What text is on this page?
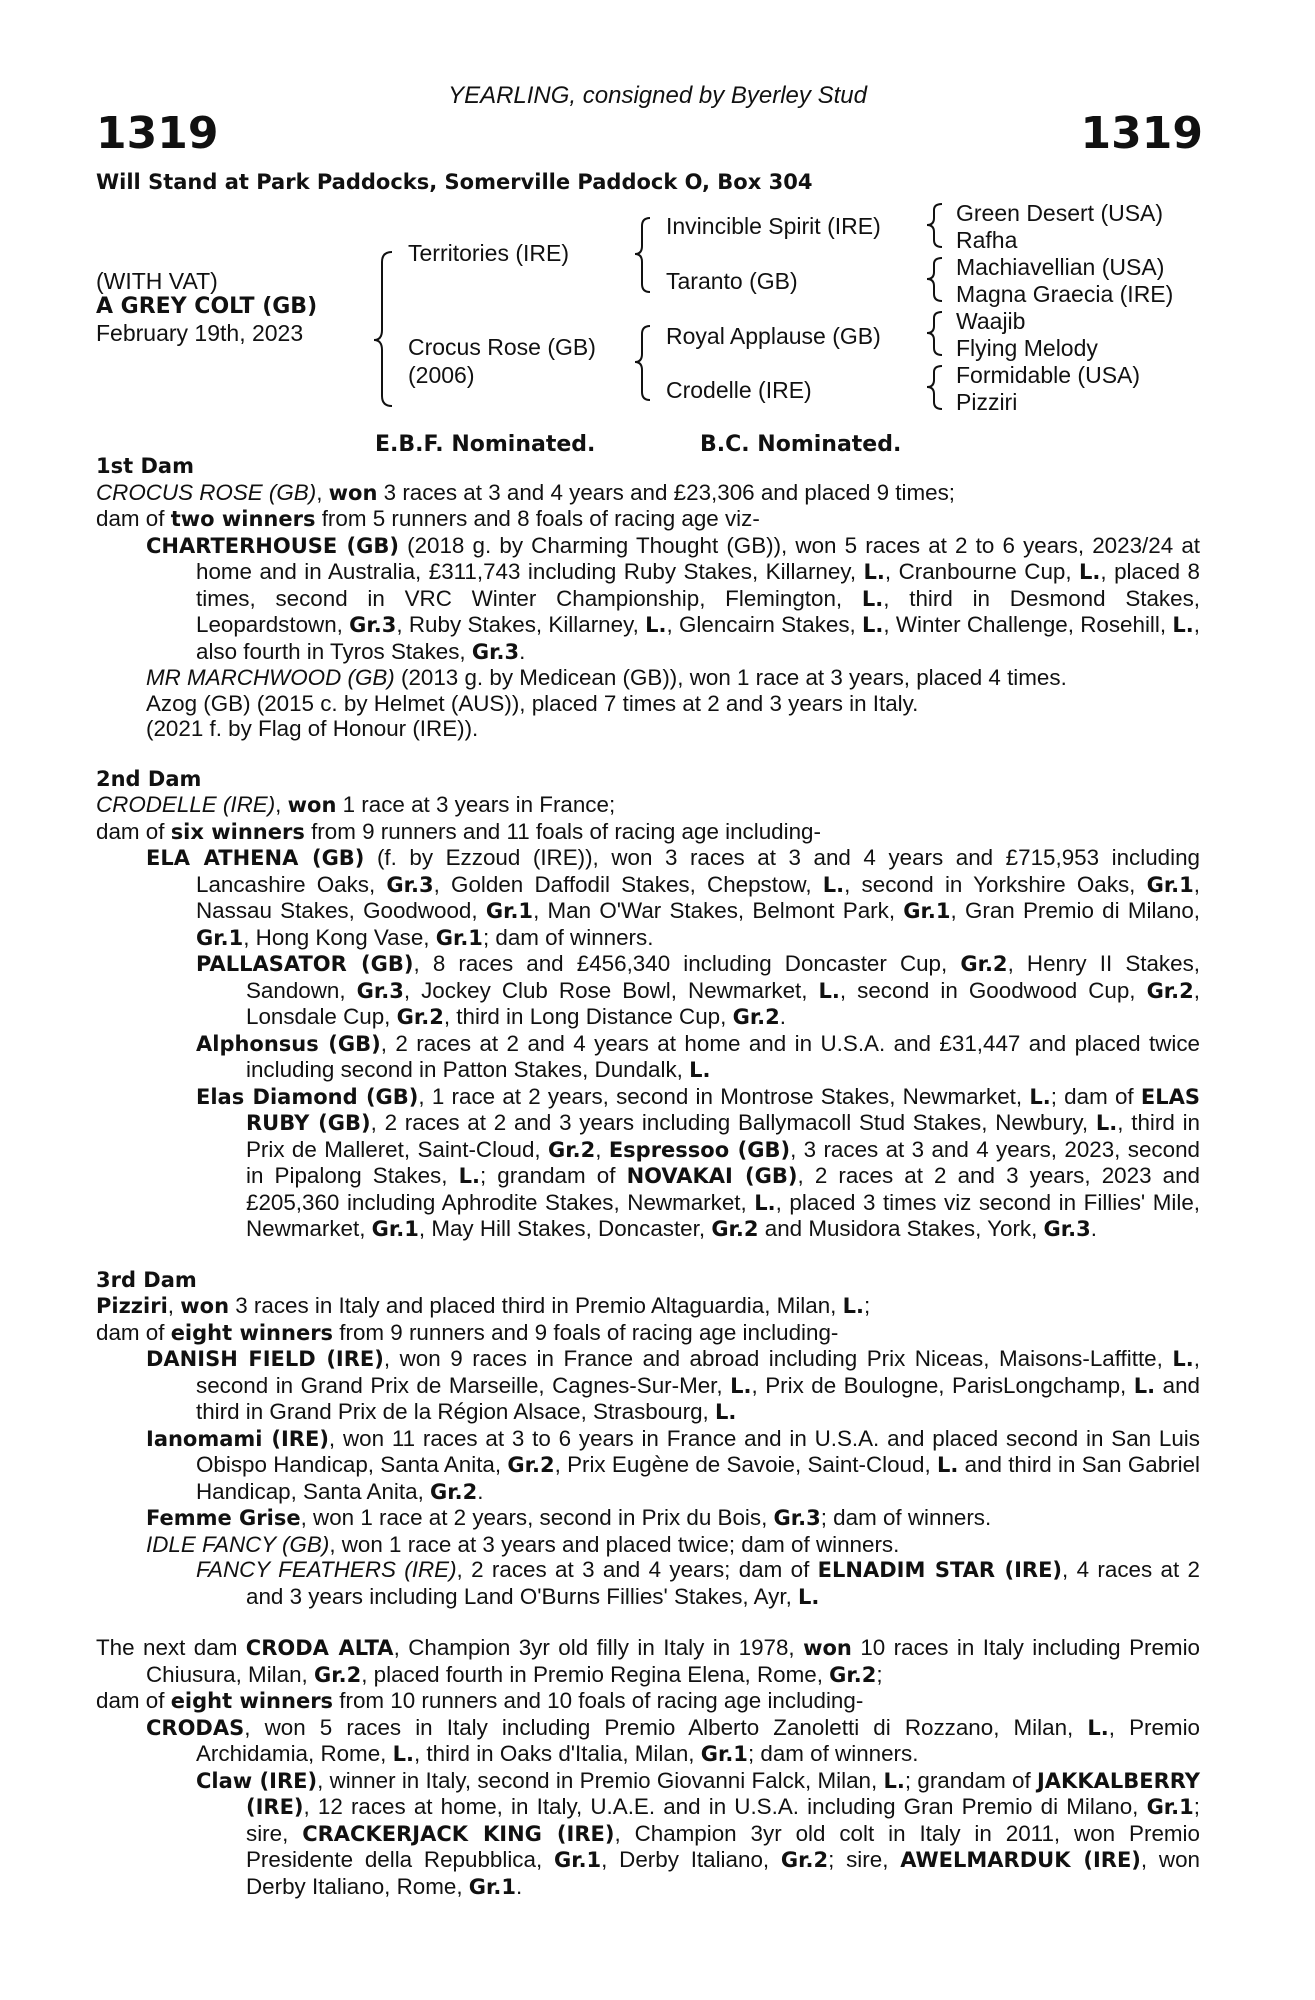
YEARLING, consigned by Byerley Stud
1319	1319
Will Stand at Park Paddocks, Somerville Paddock O, Box 304
(WITH VAT)
A GREY COLT (GB)
February 19th, 2023
Territories (IRE)
Crocus Rose (GB)
(2006)
Invincible Spirit (IRE)
Taranto (GB)
Royal Applause (GB)
Crodelle (IRE)
Green Desert (USA)
Rafha
Machiavellian (USA)
Magna Graecia (IRE)
Waajib
Flying Melody
Formidable (USA)
Pizziri
E.B.F. Nominated.	B.C. Nominated.

1st Dam

CROCUS ROSE (GB), won 3 races at 3 and 4 years and £23,306 and placed 9 times;

dam of two winners from 5 runners and 8 foals of racing age viz-

CHARTERHOUSE (GB) (2018 g. by Charming Thought (GB)), won 5 races at 2 to 6 years, 2023/24 at home and in Australia, £311,743 including Ruby Stakes, Killarney, L., Cranbourne Cup, L., placed 8 times, second in VRC Winter Championship, Flemington, L., third in Desmond Stakes, Leopardstown, Gr.3, Ruby Stakes, Killarney, L., Glencairn Stakes, L., Winter Challenge, Rosehill, L., also fourth in Tyros Stakes, Gr.3.

MR MARCHWOOD (GB) (2013 g. by Medicean (GB)), won 1 race at 3 years, placed 4 times.

Azog (GB) (2015 c. by Helmet (AUS)), placed 7 times at 2 and 3 years in Italy.

(2021 f. by Flag of Honour (IRE)).

2nd Dam

CRODELLE (IRE), won 1 race at 3 years in France;

dam of six winners from 9 runners and 11 foals of racing age including-

ELA ATHENA (GB) (f. by Ezzoud (IRE)), won 3 races at 3 and 4 years and £715,953 including Lancashire Oaks, Gr.3, Golden Daffodil Stakes, Chepstow, L., second in Yorkshire Oaks, Gr.1, Nassau Stakes, Goodwood, Gr.1, Man O'War Stakes, Belmont Park, Gr.1, Gran Premio di Milano, Gr.1, Hong Kong Vase, Gr.1; dam of winners.

PALLASATOR (GB), 8 races and £456,340 including Doncaster Cup, Gr.2, Henry II Stakes, Sandown, Gr.3, Jockey Club Rose Bowl, Newmarket, L., second in Goodwood Cup, Gr.2, Lonsdale Cup, Gr.2, third in Long Distance Cup, Gr.2.

Alphonsus (GB), 2 races at 2 and 4 years at home and in U.S.A. and £31,447 and placed twice including second in Patton Stakes, Dundalk, L.

Elas Diamond (GB), 1 race at 2 years, second in Montrose Stakes, Newmarket, L.; dam of ELAS RUBY (GB), 2 races at 2 and 3 years including Ballymacoll Stud Stakes, Newbury, L., third in Prix de Malleret, Saint-Cloud, Gr.2, Espressoo (GB), 3 races at 3 and 4 years, 2023, second in Pipalong Stakes, L.; grandam of NOVAKAI (GB), 2 races at 2 and 3 years, 2023 and £205,360 including Aphrodite Stakes, Newmarket, L., placed 3 times viz second in Fillies' Mile, Newmarket, Gr.1, May Hill Stakes, Doncaster, Gr.2 and Musidora Stakes, York, Gr.3.

3rd Dam

Pizziri, won 3 races in Italy and placed third in Premio Altaguardia, Milan, L.;

dam of eight winners from 9 runners and 9 foals of racing age including-

DANISH FIELD (IRE), won 9 races in France and abroad including Prix Niceas, Maisons-Laffitte, L., second in Grand Prix de Marseille, Cagnes-Sur-Mer, L., Prix de Boulogne, ParisLongchamp, L. and third in Grand Prix de la Région Alsace, Strasbourg, L.

Ianomami (IRE), won 11 races at 3 to 6 years in France and in U.S.A. and placed second in San Luis Obispo Handicap, Santa Anita, Gr.2, Prix Eugène de Savoie, Saint-Cloud, L. and third in San Gabriel Handicap, Santa Anita, Gr.2.

Femme Grise, won 1 race at 2 years, second in Prix du Bois, Gr.3; dam of winners.

IDLE FANCY (GB), won 1 race at 3 years and placed twice; dam of winners.

FANCY FEATHERS (IRE), 2 races at 3 and 4 years; dam of ELNADIM STAR (IRE), 4 races at 2 and 3 years including Land O'Burns Fillies' Stakes, Ayr, L.

The next dam CRODA ALTA, Champion 3yr old filly in Italy in 1978, won 10 races in Italy including Premio Chiusura, Milan, Gr.2, placed fourth in Premio Regina Elena, Rome, Gr.2;

dam of eight winners from 10 runners and 10 foals of racing age including-

CRODAS, won 5 races in Italy including Premio Alberto Zanoletti di Rozzano, Milan, L., Premio Archidamia, Rome, L., third in Oaks d'Italia, Milan, Gr.1; dam of winners.

Claw (IRE), winner in Italy, second in Premio Giovanni Falck, Milan, L.; grandam of JAKKALBERRY (IRE), 12 races at home, in Italy, U.A.E. and in U.S.A. including Gran Premio di Milano, Gr.1; sire, CRACKERJACK KING (IRE), Champion 3yr old colt in Italy in 2011, won Premio Presidente della Repubblica, Gr.1, Derby Italiano, Gr.2; sire, AWELMARDUK (IRE), won Derby Italiano, Rome, Gr.1.
